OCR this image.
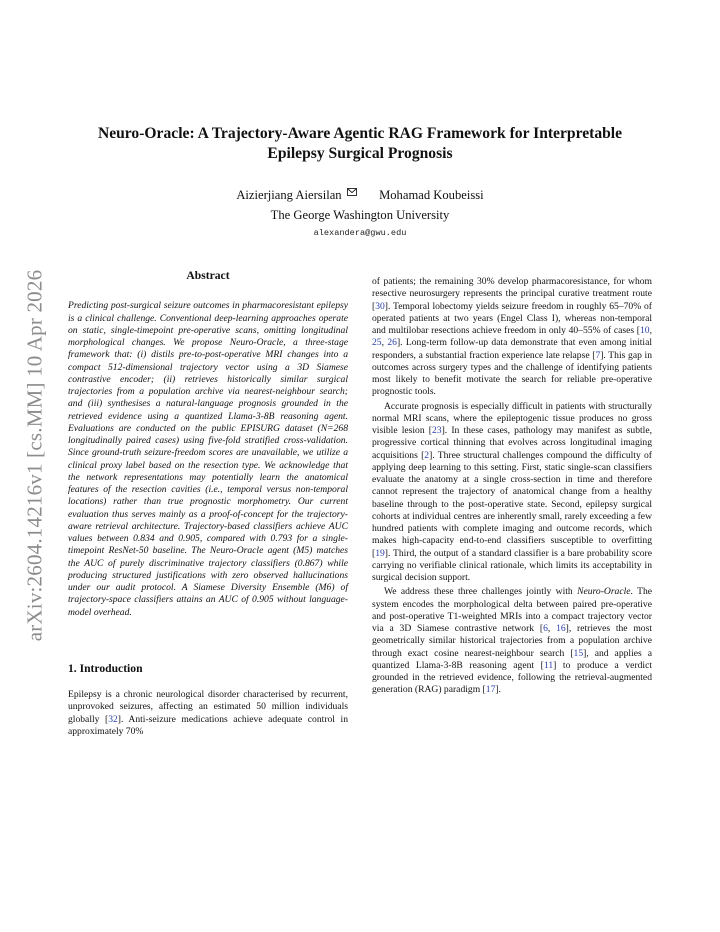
arXiv:2604.14216v1 [cs.MM] 10 Apr 2026
Neuro-Oracle: A Trajectory-Aware Agentic RAG Framework for Interpretable
Epilepsy Surgical Prognosis
Aizierjiang Aiersilan	Mohamad Koubeissi
The George Washington University
alexandera@gwu.edu
Abstract

Predicting post-surgical seizure outcomes in pharmacoresistant epilepsy is a clinical challenge. Conventional deep-learning approaches operate on static, single-timepoint pre-operative scans, omitting longitudinal morphological changes. We propose Neuro-Oracle, a three-stage framework that: (i) distils pre-to-post-operative MRI changes into a compact 512-dimensional trajectory vector using a 3D Siamese contrastive encoder; (ii) retrieves historically similar surgical trajectories from a population archive via nearest-neighbour search; and (iii) synthesises a natural-language prognosis grounded in the retrieved evidence using a quantized Llama-3-8B reasoning agent. Evaluations are conducted on the public EPISURG dataset (N=268 longitudinally paired cases) using five-fold stratified cross-validation. Since ground-truth seizure-freedom scores are unavailable, we utilize a clinical proxy label based on the resection type. We acknowledge that the network representations may potentially learn the anatomical features of the resection cavities (i.e., temporal versus non-temporal locations) rather than true prognostic morphometry. Our current evaluation thus serves mainly as a proof-of-concept for the trajectory-aware retrieval architecture. Trajectory-based classifiers achieve AUC values between 0.834 and 0.905, compared with 0.793 for a single-timepoint ResNet-50 baseline. The Neuro-Oracle agent (M5) matches the AUC of purely discriminative trajectory classifiers (0.867) while producing structured justifications with zero observed hallucinations under our audit protocol. A Siamese Diversity Ensemble (M6) of trajectory-space classifiers attains an AUC of 0.905 without language-model overhead.

1. Introduction

Epilepsy is a chronic neurological disorder characterised by recurrent, unprovoked seizures, affecting an estimated 50 million individuals globally [32]. Anti-seizure medications achieve adequate control in approximately 70%

of patients; the remaining 30% develop pharmacoresistance, for whom resective neurosurgery represents the principal curative treatment route [30]. Temporal lobectomy yields seizure freedom in roughly 65–70% of operated patients at two years (Engel Class I), whereas non-temporal and multilobar resections achieve freedom in only 40–55% of cases [10, 25, 26]. Long-term follow-up data demonstrate that even among initial responders, a substantial fraction experience late relapse [7]. This gap in outcomes across surgery types and the challenge of identifying patients most likely to benefit motivate the search for reliable pre-operative prognostic tools.

Accurate prognosis is especially difficult in patients with structurally normal MRI scans, where the epileptogenic tissue produces no gross visible lesion [23]. In these cases, pathology may manifest as subtle, progressive cortical thinning that evolves across longitudinal imaging acquisitions [2]. Three structural challenges compound the difficulty of applying deep learning to this setting. First, static single-scan classifiers evaluate the anatomy at a single cross-section in time and therefore cannot represent the trajectory of anatomical change from a healthy baseline through to the post-operative state. Second, epilepsy surgical cohorts at individual centres are inherently small, rarely exceeding a few hundred patients with complete imaging and outcome records, which makes high-capacity end-to-end classifiers susceptible to overfitting [19]. Third, the output of a standard classifier is a bare probability score carrying no verifiable clinical rationale, which limits its acceptability in surgical decision support.

We address these three challenges jointly with Neuro-Oracle. The system encodes the morphological delta between paired pre-operative and post-operative T1-weighted MRIs into a compact trajectory vector via a 3D Siamese contrastive network [6, 16], retrieves the most geometrically similar historical trajectories from a population archive through exact cosine nearest-neighbour search [15], and applies a quantized Llama-3-8B reasoning agent [11] to produce a verdict grounded in the retrieved evidence, following the retrieval-augmented generation (RAG) paradigm [17].
